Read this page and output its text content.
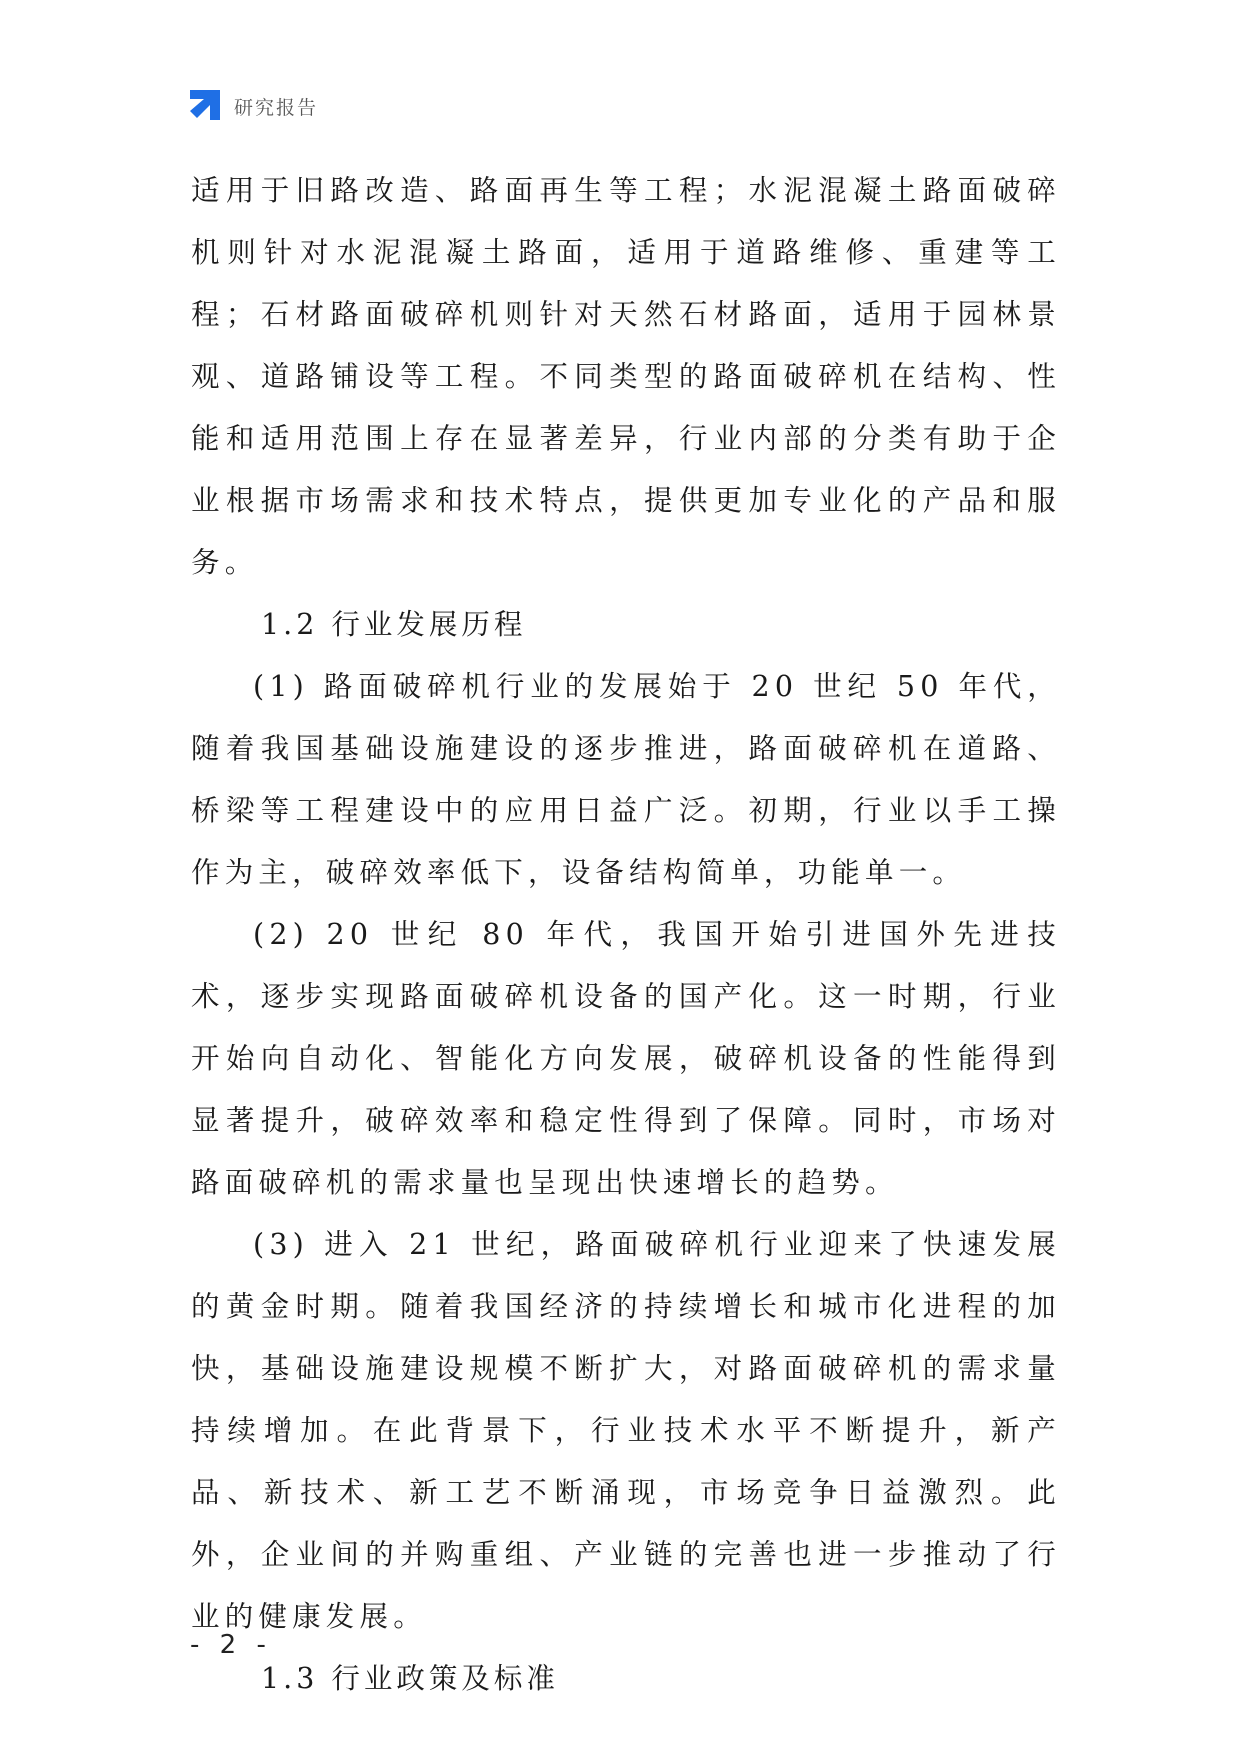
研究报告

适用于旧路改造、路面再生等工程；水泥混凝土路面破碎机则针对水泥混凝土路面，适用于道路维修、重建等工程；石材路面破碎机则针对天然石材路面，适用于园林景观、道路铺设等工程。不同类型的路面破碎机在结构、性能和适用范围上存在显著差异，行业内部的分类有助于企业根据市场需求和技术特点，提供更加专业化的产品和服务。

1.2 行业发展历程

(1) 路面破碎机行业的发展始于 20 世纪 50 年代，随着我国基础设施建设的逐步推进，路面破碎机在道路、桥梁等工程建设中的应用日益广泛。初期，行业以手工操作为主，破碎效率低下，设备结构简单，功能单一。

(2) 20 世纪 80 年代，我国开始引进国外先进技术，逐步实现路面破碎机设备的国产化。这一时期，行业开始向自动化、智能化方向发展，破碎机设备的性能得到显著提升，破碎效率和稳定性得到了保障。同时，市场对路面破碎机的需求量也呈现出快速增长的趋势。

(3) 进入 21 世纪，路面破碎机行业迎来了快速发展的黄金时期。随着我国经济的持续增长和城市化进程的加快，基础设施建设规模不断扩大，对路面破碎机的需求量持续增加。在此背景下，行业技术水平不断提升，新产品、新技术、新工艺不断涌现，市场竞争日益激烈。此外，企业间的并购重组、产业链的完善也进一步推动了行业的健康发展。

1.3 行业政策及标准

- 2 -
